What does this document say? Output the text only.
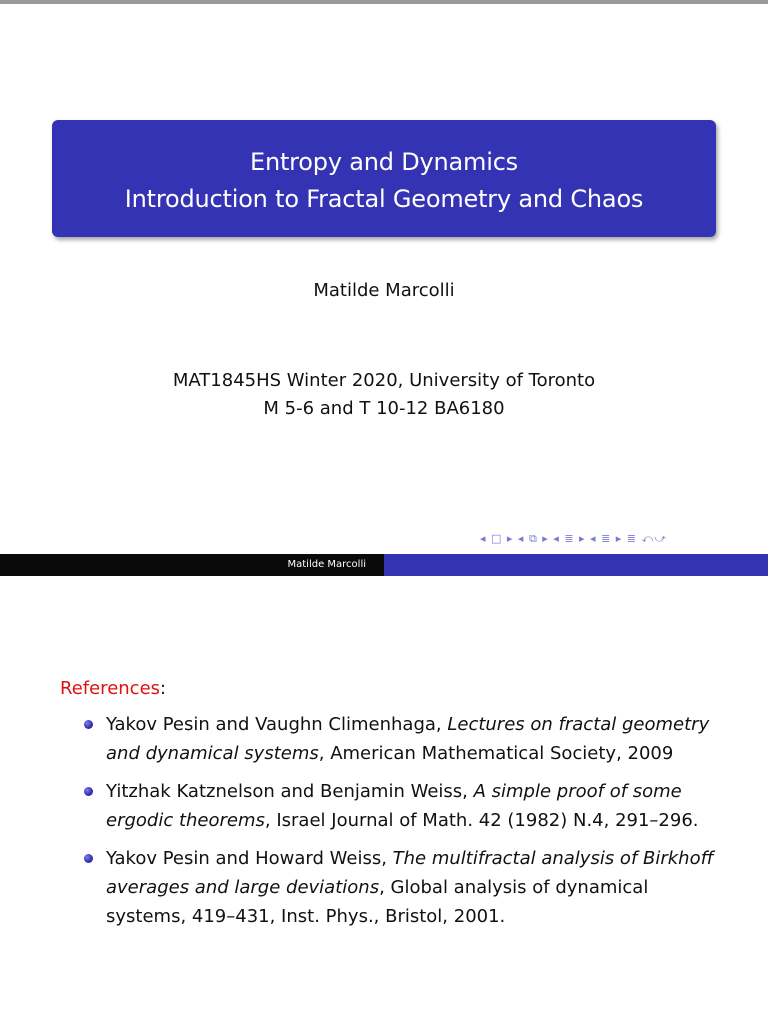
Entropy and Dynamics
Introduction to Fractal Geometry and Chaos
Matilde Marcolli
MAT1845HS Winter 2020, University of Toronto
M 5-6 and T 10-12 BA6180
◂ □ ▸ ◂ ⧉ ▸ ◂ ≣ ▸ ◂ ≣ ▸ ≣ ⤺⤻
Matilde Marcolli
References:
Yakov Pesin and Vaughn Climenhaga, Lectures on fractal geometry and dynamical systems, American Mathematical Society, 2009
Yitzhak Katznelson and Benjamin Weiss, A simple proof of some ergodic theorems, Israel Journal of Math. 42 (1982) N.4, 291–296.
Yakov Pesin and Howard Weiss, The multifractal analysis of Birkhoff averages and large deviations, Global analysis of dynamical systems, 419–431, Inst. Phys., Bristol, 2001.
